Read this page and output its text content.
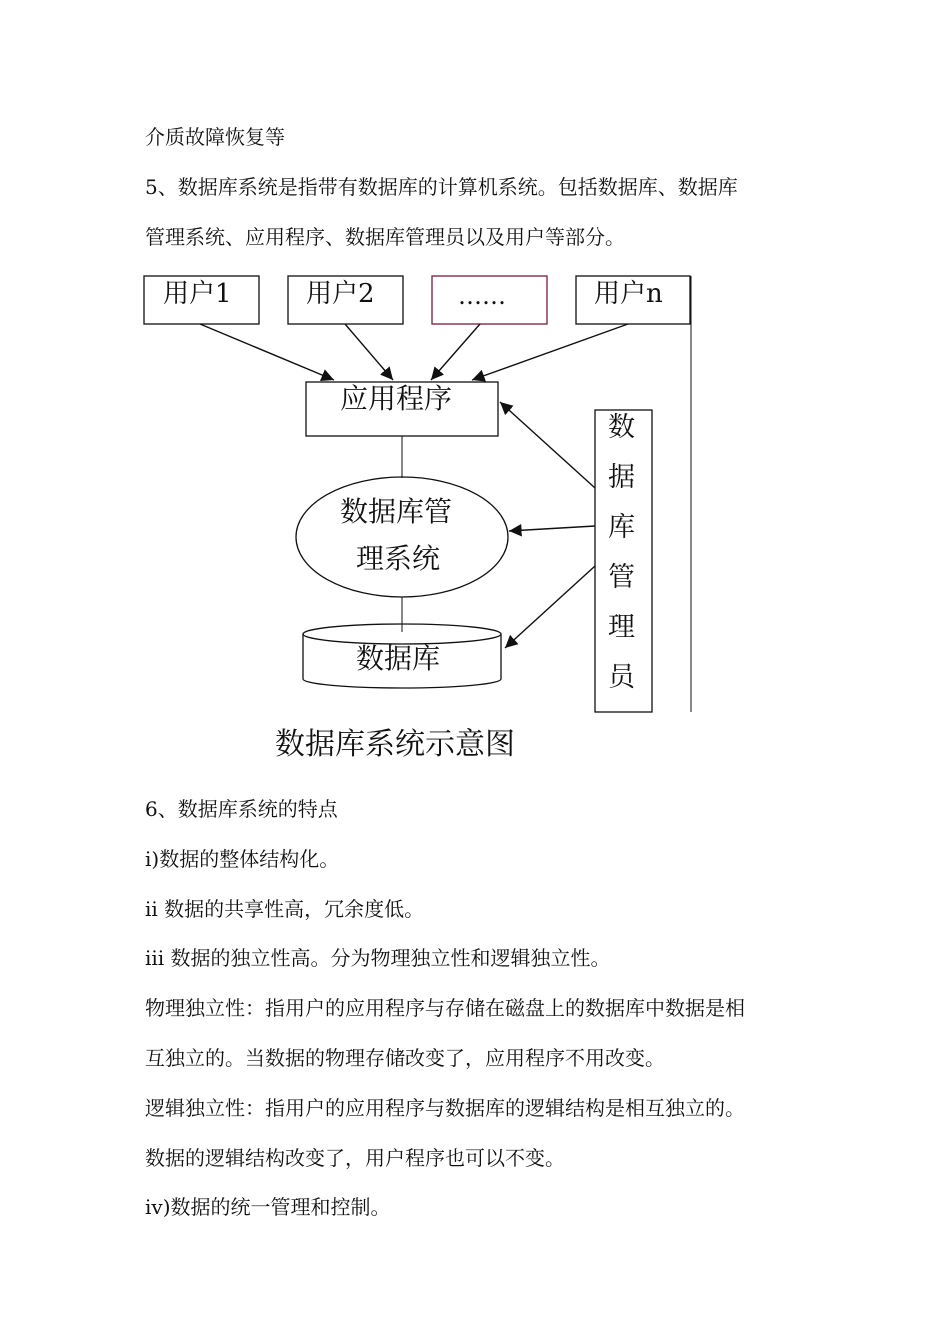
介质故障恢复等
5、数据库系统是指带有数据库的计算机系统。包括数据库、数据库
管理系统、应用程序、数据库管理员以及用户等部分。
用户1	用户2	……	用户n
应用程序
数据库管
理系统
数据库
数
据
库
管
理
员
数据库系统示意图
6、数据库系统的特点
ⅰ)数据的整体结构化。
ⅱ 数据的共享性高，冗余度低。
ⅲ 数据的独立性高。分为物理独立性和逻辑独立性。
物理独立性：指用户的应用程序与存储在磁盘上的数据库中数据是相
互独立的。当数据的物理存储改变了，应用程序不用改变。
逻辑独立性：指用户的应用程序与数据库的逻辑结构是相互独立的。
数据的逻辑结构改变了，用户程序也可以不变。
ⅳ)数据的统一管理和控制。
